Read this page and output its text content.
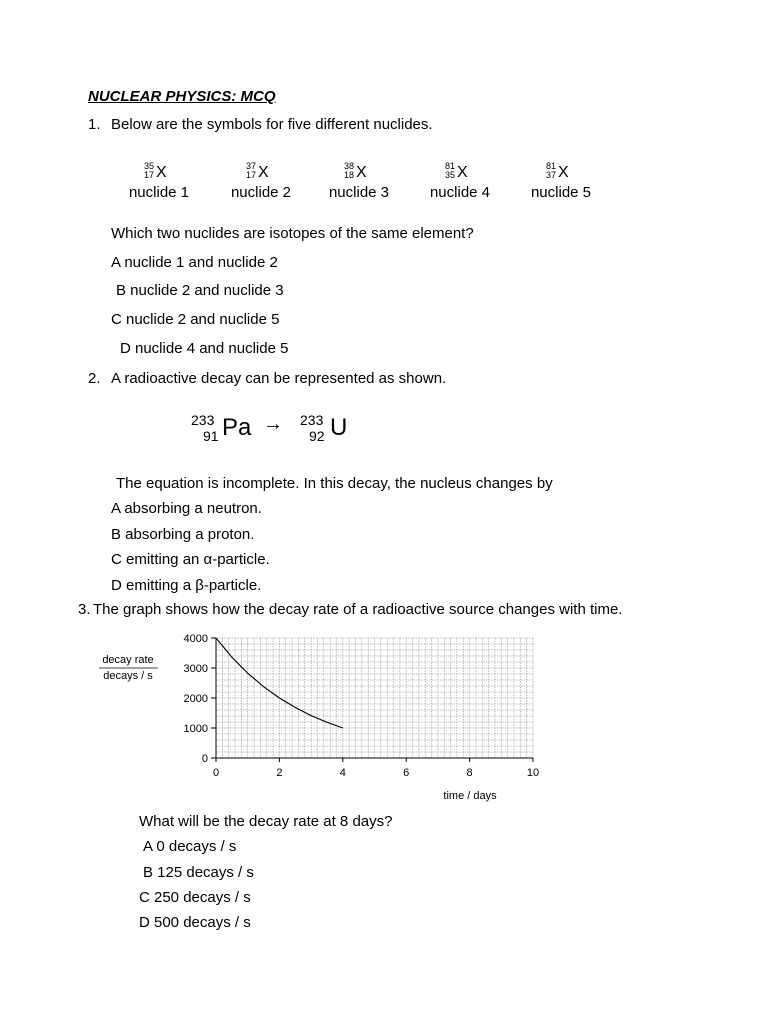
NUCLEAR PHYSICS: MCQ
1. Below are the symbols for five different nuclides.
35
17 X
nuclide 1
37
17 X
nuclide 2
38
18 X
nuclide 3
81
35 X
nuclide 4
81
37 X
nuclide 5
Which two nuclides are isotopes of the same element?
A nuclide 1 and nuclide 2
B nuclide 2 and nuclide 3
C nuclide 2 and nuclide 5
D nuclide 4 and nuclide 5
2. A radioactive decay can be represented as shown.
233
91 Pa → 233
92 U
The equation is incomplete. In this decay, the nucleus changes by
A absorbing a neutron.
B absorbing a proton.
C emitting an α-particle.
D emitting a β-particle.
3. The graph shows how the decay rate of a radioactive source changes with time.
0	2	4	6	8	10
0
1000
2000
3000
4000
decay rate
decays / s
time / days
What will be the decay rate at 8 days?
A 0 decays / s
B 125 decays / s
C 250 decays / s
D 500 decays / s
